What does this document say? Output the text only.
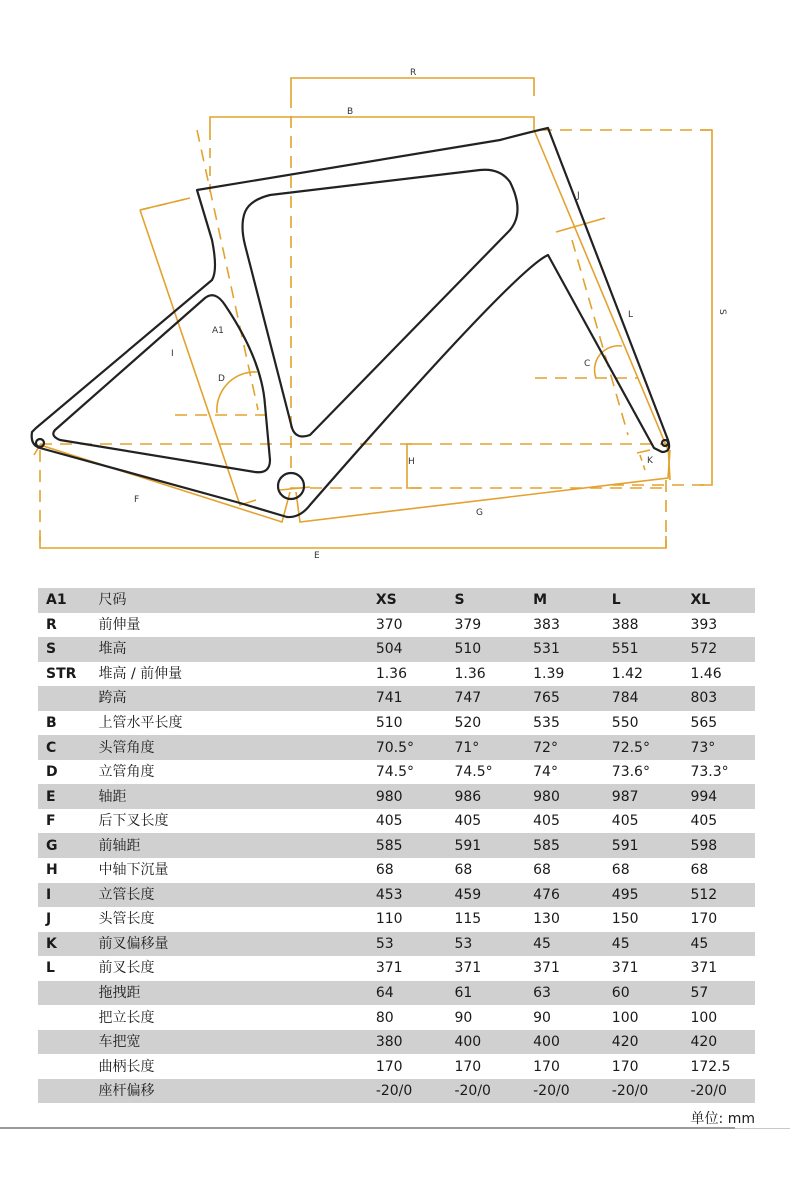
R
B
J
S
L
C
A1
I
D
H	K
F
G
E
A1	尺码	XS	S	M	L	XL
R	前伸量	370	379	383	388	393
S	堆高	504	510	531	551	572
STR	堆高 / 前伸量	1.36	1.36	1.39	1.42	1.46
	跨高	741	747	765	784	803
B	上管水平长度	510	520	535	550	565
C	头管角度	70.5°	71°	72°	72.5°	73°
D	立管角度	74.5°	74.5°	74°	73.6°	73.3°
E	轴距	980	986	980	987	994
F	后下叉长度	405	405	405	405	405
G	前轴距	585	591	585	591	598
H	中轴下沉量	68	68	68	68	68
I	立管长度	453	459	476	495	512
J	头管长度	110	115	130	150	170
K	前叉偏移量	53	53	45	45	45
L	前叉长度	371	371	371	371	371
	拖拽距	64	61	63	60	57
	把立长度	80	90	90	100	100
	车把宽	380	400	400	420	420
	曲柄长度	170	170	170	170	172.5
	座杆偏移	-20/0	-20/0	-20/0	-20/0	-20/0
单位: mm
